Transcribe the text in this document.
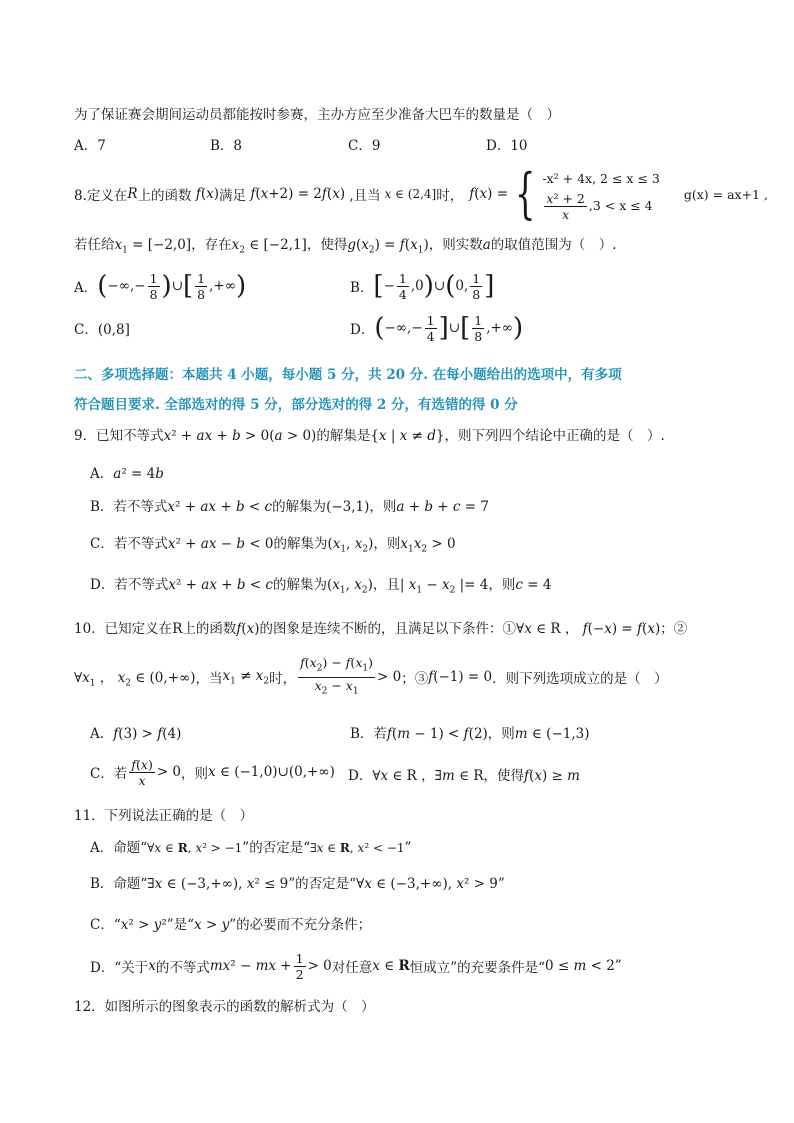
为了保证赛会期间运动员都能按时参赛，主办方应至少准备大巴车的数量是（　）
A．7	B．8	C．9	D．10
8.定义在 R 上的函数 f(x) 满足 f(x+2) = 2f(x) ,且当 x ∈ (2,4] 时， f(x) = { -x² + 4x, 2 ≤ x ≤ 3
$\frac{\text{x² + 2}}{x} ,3 < x \le 4$
g(x) = ax+1 ,
若任给$x_1 = [-2,0]$，存在$x_2$ ∈ [−2,1]，使得$g(x_2) = f(x_1)$，则实数a的取值范围为（　）.
A． ( −∞,− $\frac{1}{8}$ ) ∪ [ $\frac{1}{8}$ ,+∞ )	B． [ − $\frac{1}{4} ,0$ ) ∪ ( 0, $\frac{1}{8}$ ]
C．(0,8]	D． ( −∞,− $\frac{1}{4}$ ] ∪ [ $\frac{1}{8}$ ,+∞ )
二、多项选择题：本题共 4 小题，每小题 5 分，共 20 分. 在每小题给出的选项中，有多项
符合题目要求. 全部选对的得 5 分，部分选对的得 2 分，有选错的得 0 分
9．已知不等式x² + ax + b > 0(a > 0)的解集是{x | x ≠ d}，则下列四个结论中正确的是（　）.
A．a² = 4b
B．若不等式x² + ax + b < c的解集为(−3,1)，则a + b + c = 7
C．若不等式x² + ax − b < 0的解集为($x_1$, $x_2$)，则$x_1x_2 > 0$
D．若不等式x² + ax + b < c的解集为($x_1$, $x_2$)，且| $x_1 - x_2$ |= 4，则c = 4
10．已知定义在R上的函数f(x)的图象是连续不断的，且满足以下条件：①∀x ∈ R ， f(−x) = f(x)；②
$\forall x_1$ ， $x_2$ ∈ (0,+∞) ，当 $x_1 \ne x_2$ 时， $\frac{f(x_2) - f(x_1)}{x_2 - x_1} > 0$ ；③ f(−1) = 0 ．则下列选项成立的是（　）
A．f(3) > f(4)	B．若f(m − 1) < f(2)，则m ∈ (−1,3)
C．若 $\frac{f(x)}{x} > 0$ ，则 x ∈ (−1,0)∪(0,+∞) D．∀x ∈ R ，∃m ∈ R，使得f(x) ≥ m
11．下列说法正确的是（　）
A．命题“∀x ∈ R, x² > −1”的否定是“∃x ∈ R, x² < −1”
B．命题“∃x ∈ (−3,+∞), x² ≤ 9”的否定是“∀x ∈ (−3,+∞), x² > 9”
C．“x² > y²”是“x > y”的必要而不充分条件；
D．“关于 x 的不等式 mx² − mx + $\frac{1}{2} > 0$ 对任意 x ∈ R 恒成立”的充要条件是“ 0 ≤ m < 2”
12．如图所示的图象表示的函数的解析式为（　）
